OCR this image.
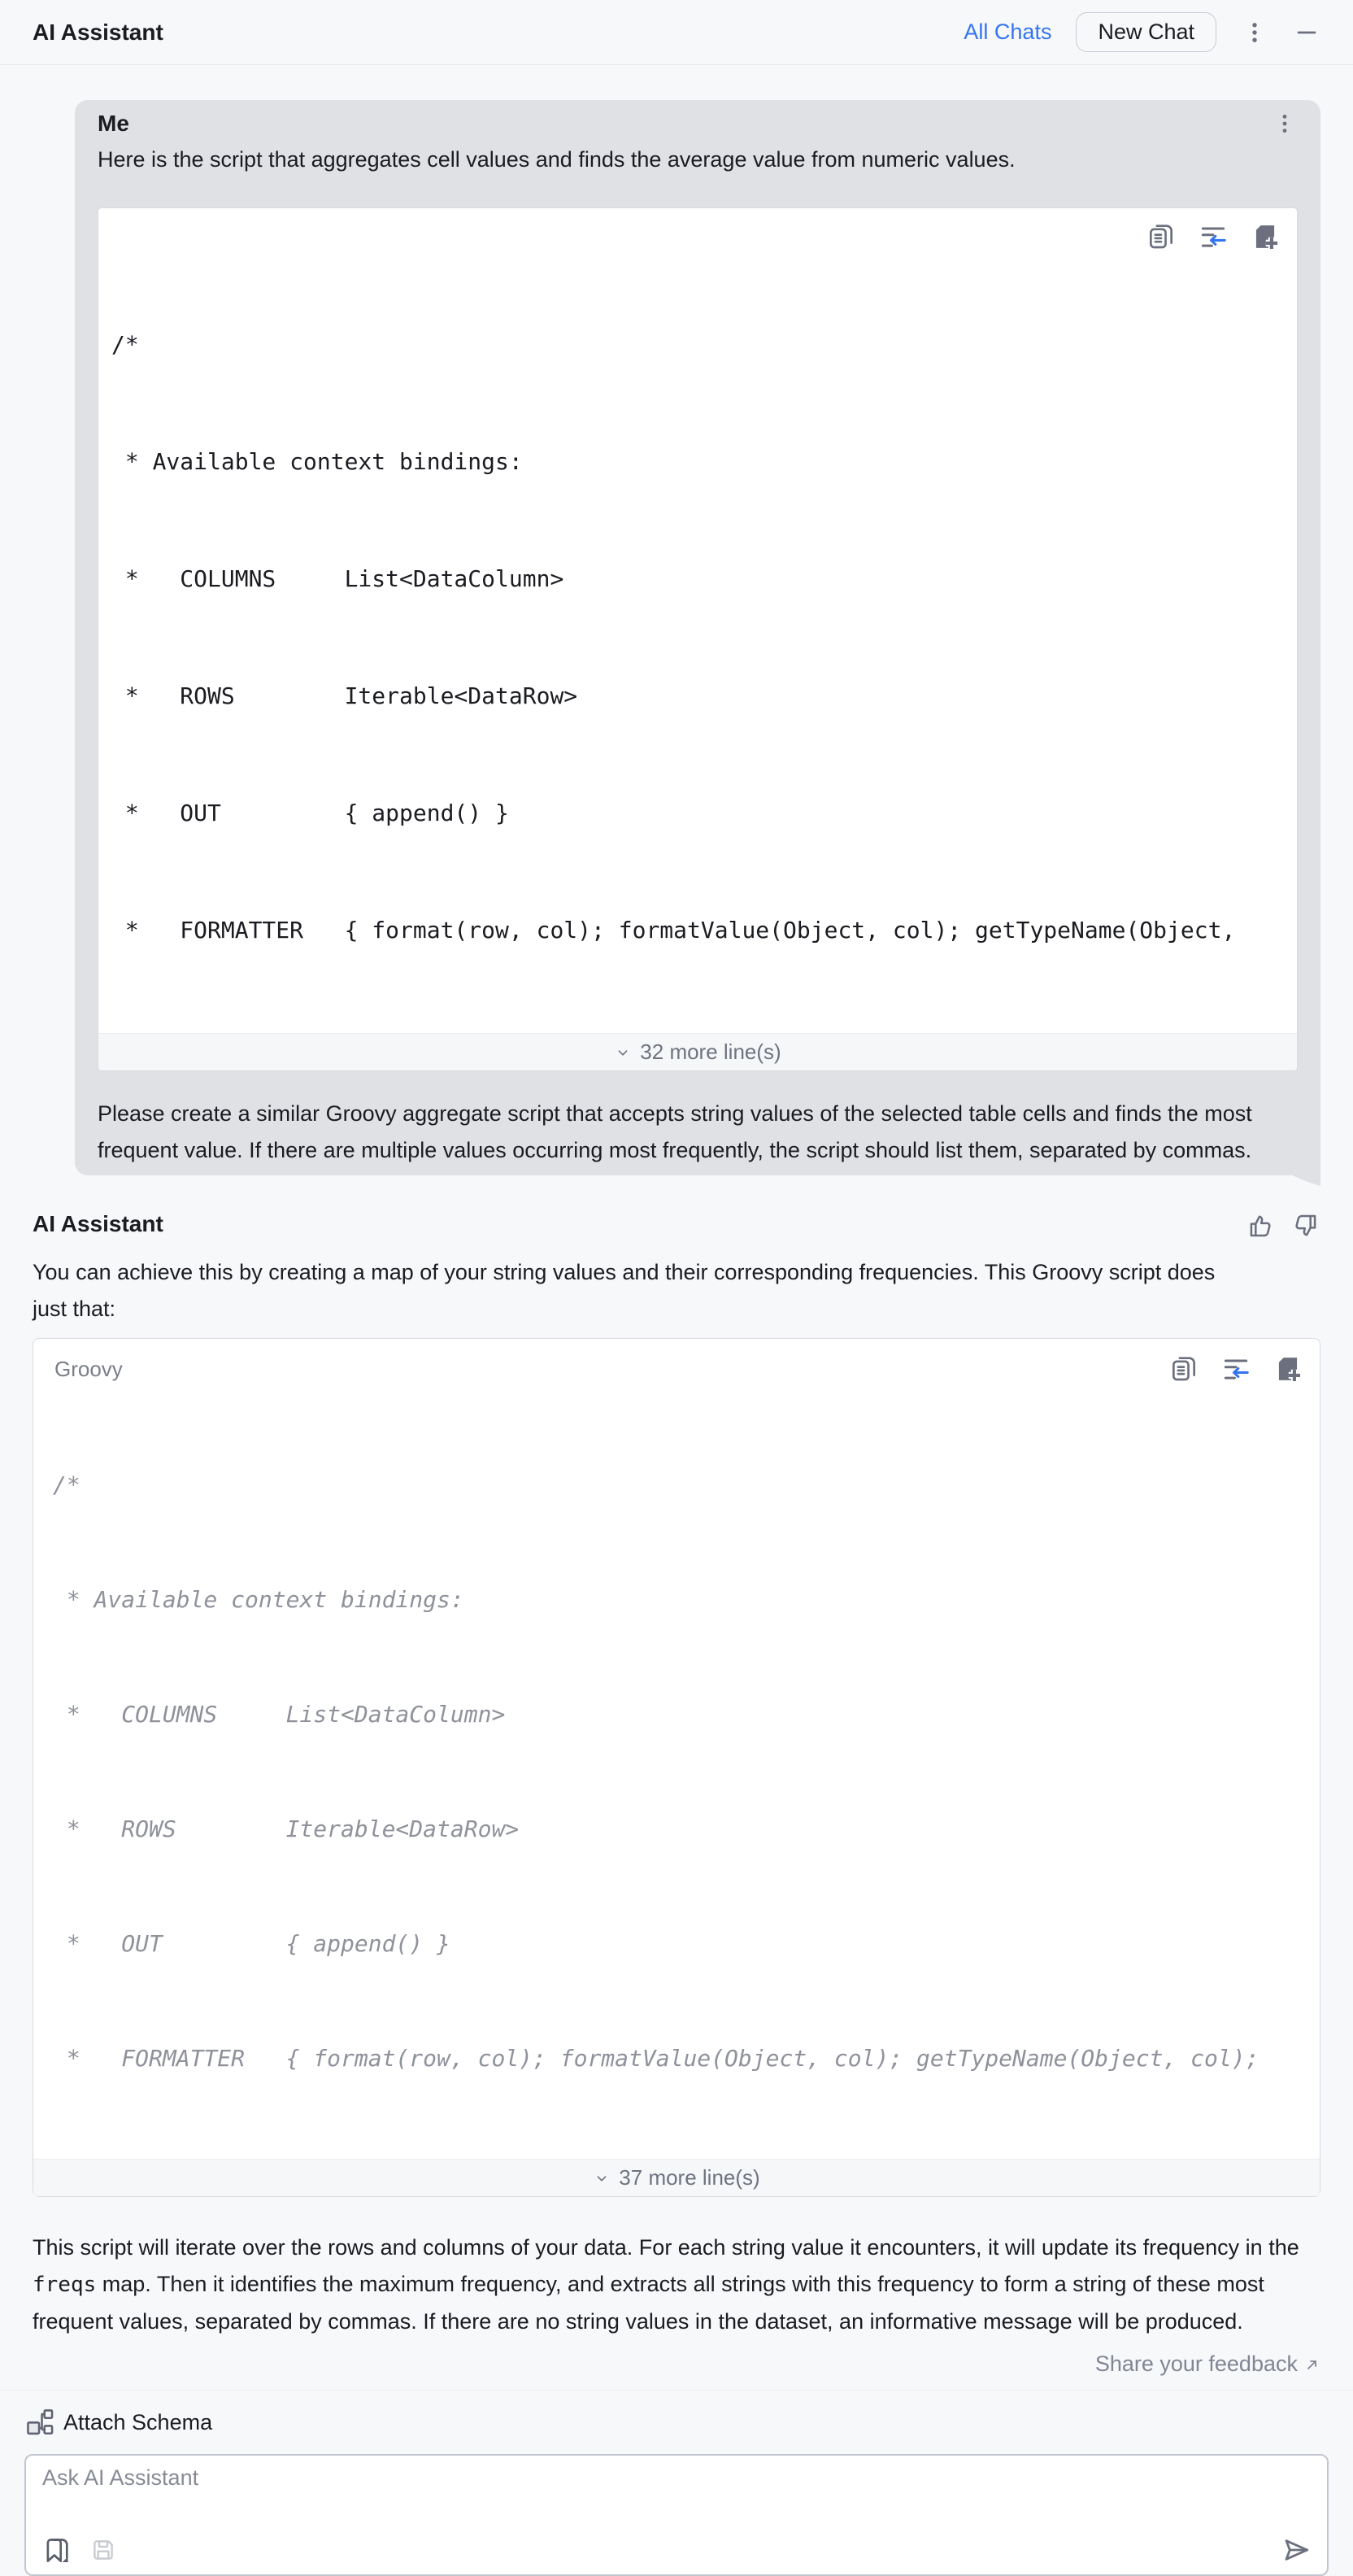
AI Assistant	All Chats	New Chat
Me

Here is the script that aggregates cell values and finds the average value from numeric values.

/*

* Available context bindings:

*   COLUMNS     List<DataColumn>

*   ROWS        Iterable<DataRow>

*   OUT         { append() }

*   FORMATTER   { format(row, col); formatValue(Object, col); getTypeName(Object,

32 more line(s)

Please create a similar Groovy aggregate script that accepts string values of the selected table cells and finds the most frequent value. If there are multiple values occurring most frequently, the script should list them, separated by commas.

AI Assistant

You can achieve this by creating a map of your string values and their corresponding frequencies. This Groovy script does just that:

Groovy

/*

* Available context bindings:

*   COLUMNS     List<DataColumn>

*   ROWS        Iterable<DataRow>

*   OUT         { append() }

*   FORMATTER   { format(row, col); formatValue(Object, col); getTypeName(Object, col);

37 more line(s)

This script will iterate over the rows and columns of your data. For each string value it encounters, it will update its frequency in the freqs map. Then it identifies the maximum frequency, and extracts all strings with this frequency to form a string of these most frequent values, separated by commas. If there are no string values in the dataset, an informative message will be produced.

Share your feedback
Attach Schema
Ask AI Assistant
